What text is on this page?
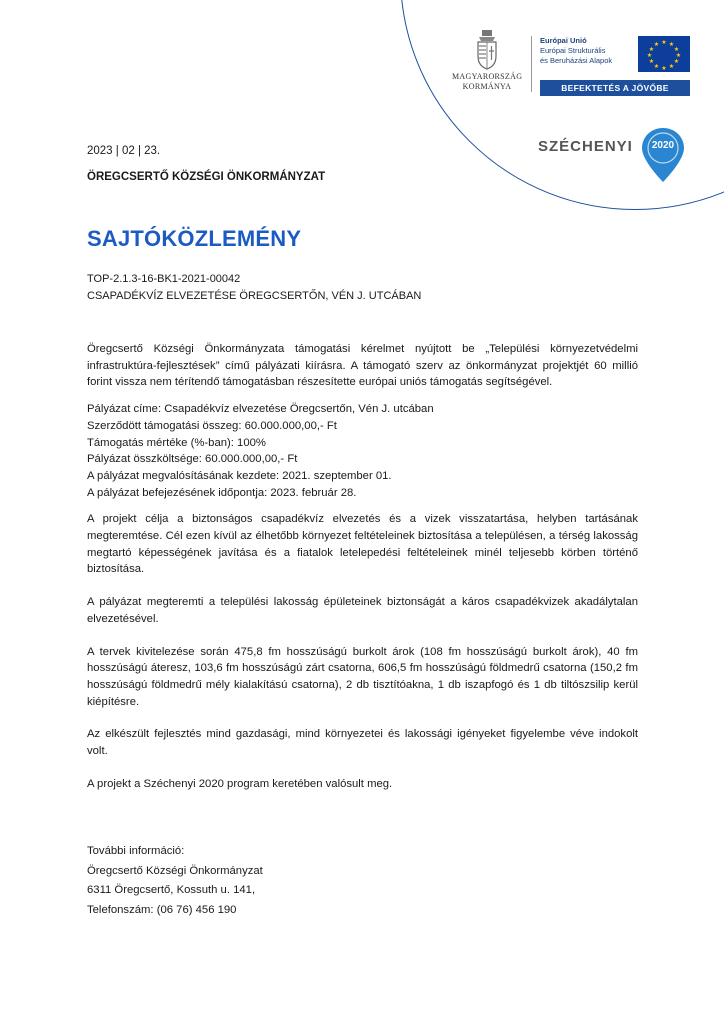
MAGYARORSZÁG
KORMÁNYA
Európai Unió
Európai Strukturális
és Beruházási Alapok
★ ★
★
★
★
★
★
★
★
★
★
★
BEFEKTETÉS A JÖVŐBE
SZÉCHENYI	2020
2023 | 02 | 23.
ÖREGCSERTŐ KÖZSÉGI ÖNKORMÁNYZAT
SAJTÓKÖZLEMÉNY
TOP-2.1.3-16-BK1-2021-00042
CSAPADÉKVÍZ ELVEZETÉSE ÖREGCSERTŐN, VÉN J. UTCÁBAN

Öregcsertő Községi Önkormányzata támogatási kérelmet nyújtott be „Települési környezetvédelmi infrastruktúra-fejlesztések” című pályázati kiírásra. A támogató szerv az önkormányzat projektjét 60 millió forint vissza nem térítendő támogatásban részesítette európai uniós támogatás segítségével.

Pályázat címe: Csapadékvíz elvezetése Öregcsertőn, Vén J. utcában
Szerződött támogatási összeg: 60.000.000,00,- Ft
Támogatás mértéke (%-ban): 100%
Pályázat összköltsége: 60.000.000,00,- Ft
A pályázat megvalósításának kezdete: 2021. szeptember 01.
A pályázat befejezésének időpontja: 2023. február 28.

A projekt célja a biztonságos csapadékvíz elvezetés és a vizek visszatartása, helyben tartásának megteremtése. Cél ezen kívül az élhetőbb környezet feltételeinek biztosítása a településen, a térség lakosság megtartó képességének javítása és a fiatalok letelepedési feltételeinek minél teljesebb körben történő biztosítása.

A pályázat megteremti a települési lakosság épületeinek biztonságát a káros csapadékvizek akadálytalan elvezetésével.

A tervek kivitelezése során 475,8 fm hosszúságú burkolt árok (108 fm hosszúságú burkolt árok), 40 fm hosszúságú áteresz, 103,6 fm hosszúságú zárt csatorna, 606,5 fm hosszúságú földmedrű csatorna (150,2 fm hosszúságú földmedrű mély kialakítású csatorna), 2 db tisztítóakna, 1 db iszapfogó és 1 db tiltószsilip kerül kiépítésre.

Az elkészült fejlesztés mind gazdasági, mind környezetei és lakossági igényeket figyelembe véve indokolt volt.

A projekt a Széchenyi 2020 program keretében valósult meg.

További információ:
Öregcsertő Községi Önkormányzat
6311 Öregcsertő, Kossuth u. 141,
Telefonszám: (06 76) 456 190
